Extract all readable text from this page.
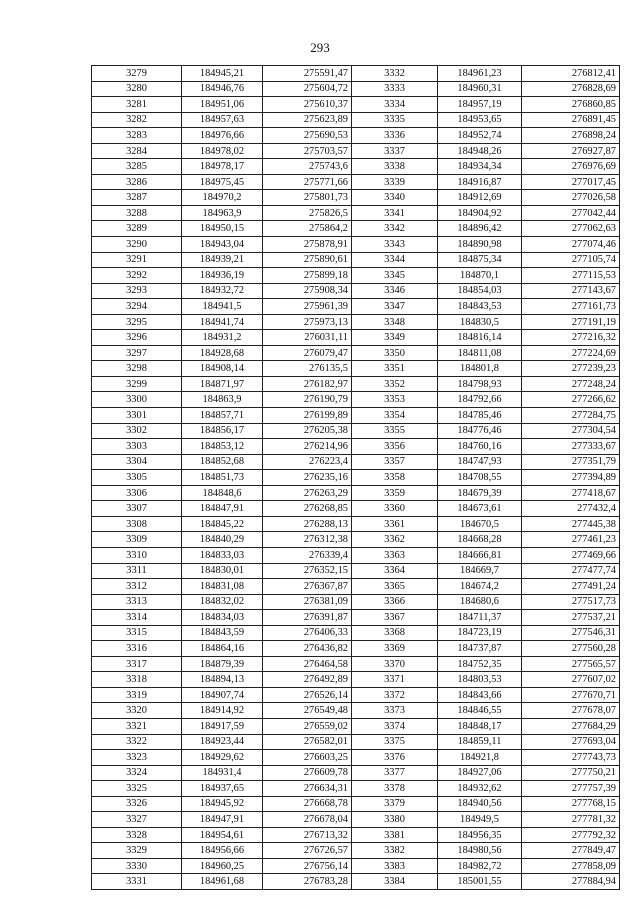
293
3279	184945,21	275591,47	3332	184961,23	276812,41
3280	184946,76	275604,72	3333	184960,31	276828,69
3281	184951,06	275610,37	3334	184957,19	276860,85
3282	184957,63	275623,89	3335	184953,65	276891,45
3283	184976,66	275690,53	3336	184952,74	276898,24
3284	184978,02	275703,57	3337	184948,26	276927,87
3285	184978,17	275743,6	3338	184934,34	276976,69
3286	184975,45	275771,66	3339	184916,87	277017,45
3287	184970,2	275801,73	3340	184912,69	277026,58
3288	184963,9	275826,5	3341	184904,92	277042,44
3289	184950,15	275864,2	3342	184896,42	277062,63
3290	184943,04	275878,91	3343	184890,98	277074,46
3291	184939,21	275890,61	3344	184875,34	277105,74
3292	184936,19	275899,18	3345	184870,1	277115,53
3293	184932,72	275908,34	3346	184854,03	277143,67
3294	184941,5	275961,39	3347	184843,53	277161,73
3295	184941,74	275973,13	3348	184830,5	277191,19
3296	184931,2	276031,11	3349	184816,14	277216,32
3297	184928,68	276079,47	3350	184811,08	277224,69
3298	184908,14	276135,5	3351	184801,8	277239,23
3299	184871,97	276182,97	3352	184798,93	277248,24
3300	184863,9	276190,79	3353	184792,66	277266,62
3301	184857,71	276199,89	3354	184785,46	277284,75
3302	184856,17	276205,38	3355	184776,46	277304,54
3303	184853,12	276214,96	3356	184760,16	277333,67
3304	184852,68	276223,4	3357	184747,93	277351,79
3305	184851,73	276235,16	3358	184708,55	277394,89
3306	184848,6	276263,29	3359	184679,39	277418,67
3307	184847,91	276268,85	3360	184673,61	277432,4
3308	184845,22	276288,13	3361	184670,5	277445,38
3309	184840,29	276312,38	3362	184668,28	277461,23
3310	184833,03	276339,4	3363	184666,81	277469,66
3311	184830,01	276352,15	3364	184669,7	277477,74
3312	184831,08	276367,87	3365	184674,2	277491,24
3313	184832,02	276381,09	3366	184680,6	277517,73
3314	184834,03	276391,87	3367	184711,37	277537,21
3315	184843,59	276406,33	3368	184723,19	277546,31
3316	184864,16	276436,82	3369	184737,87	277560,28
3317	184879,39	276464,58	3370	184752,35	277565,57
3318	184894,13	276492,89	3371	184803,53	277607,02
3319	184907,74	276526,14	3372	184843,66	277670,71
3320	184914,92	276549,48	3373	184846,55	277678,07
3321	184917,59	276559,02	3374	184848,17	277684,29
3322	184923,44	276582,01	3375	184859,11	277693,04
3323	184929,62	276603,25	3376	184921,8	277743,73
3324	184931,4	276609,78	3377	184927,06	277750,21
3325	184937,65	276634,31	3378	184932,62	277757,39
3326	184945,92	276668,78	3379	184940,56	277768,15
3327	184947,91	276678,04	3380	184949,5	277781,32
3328	184954,61	276713,32	3381	184956,35	277792,32
3329	184956,66	276726,57	3382	184980,56	277849,47
3330	184960,25	276756,14	3383	184982,72	277858,09
3331	184961,68	276783,28	3384	185001,55	277884,94
